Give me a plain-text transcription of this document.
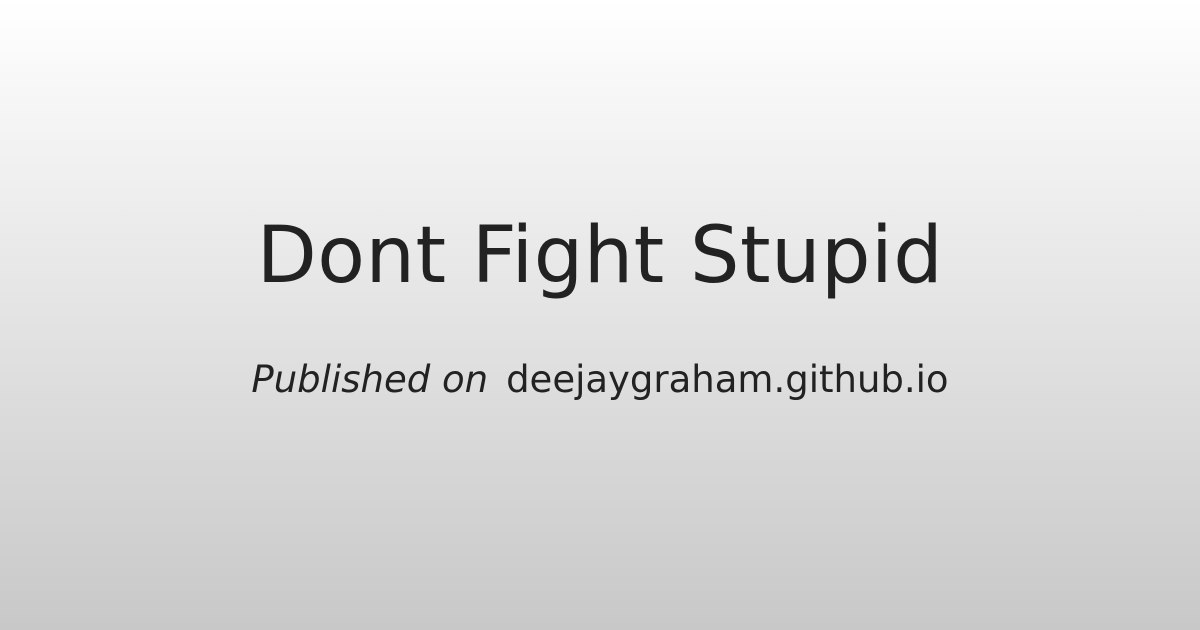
Dont Fight Stupid
Published on deejaygraham.github.io
